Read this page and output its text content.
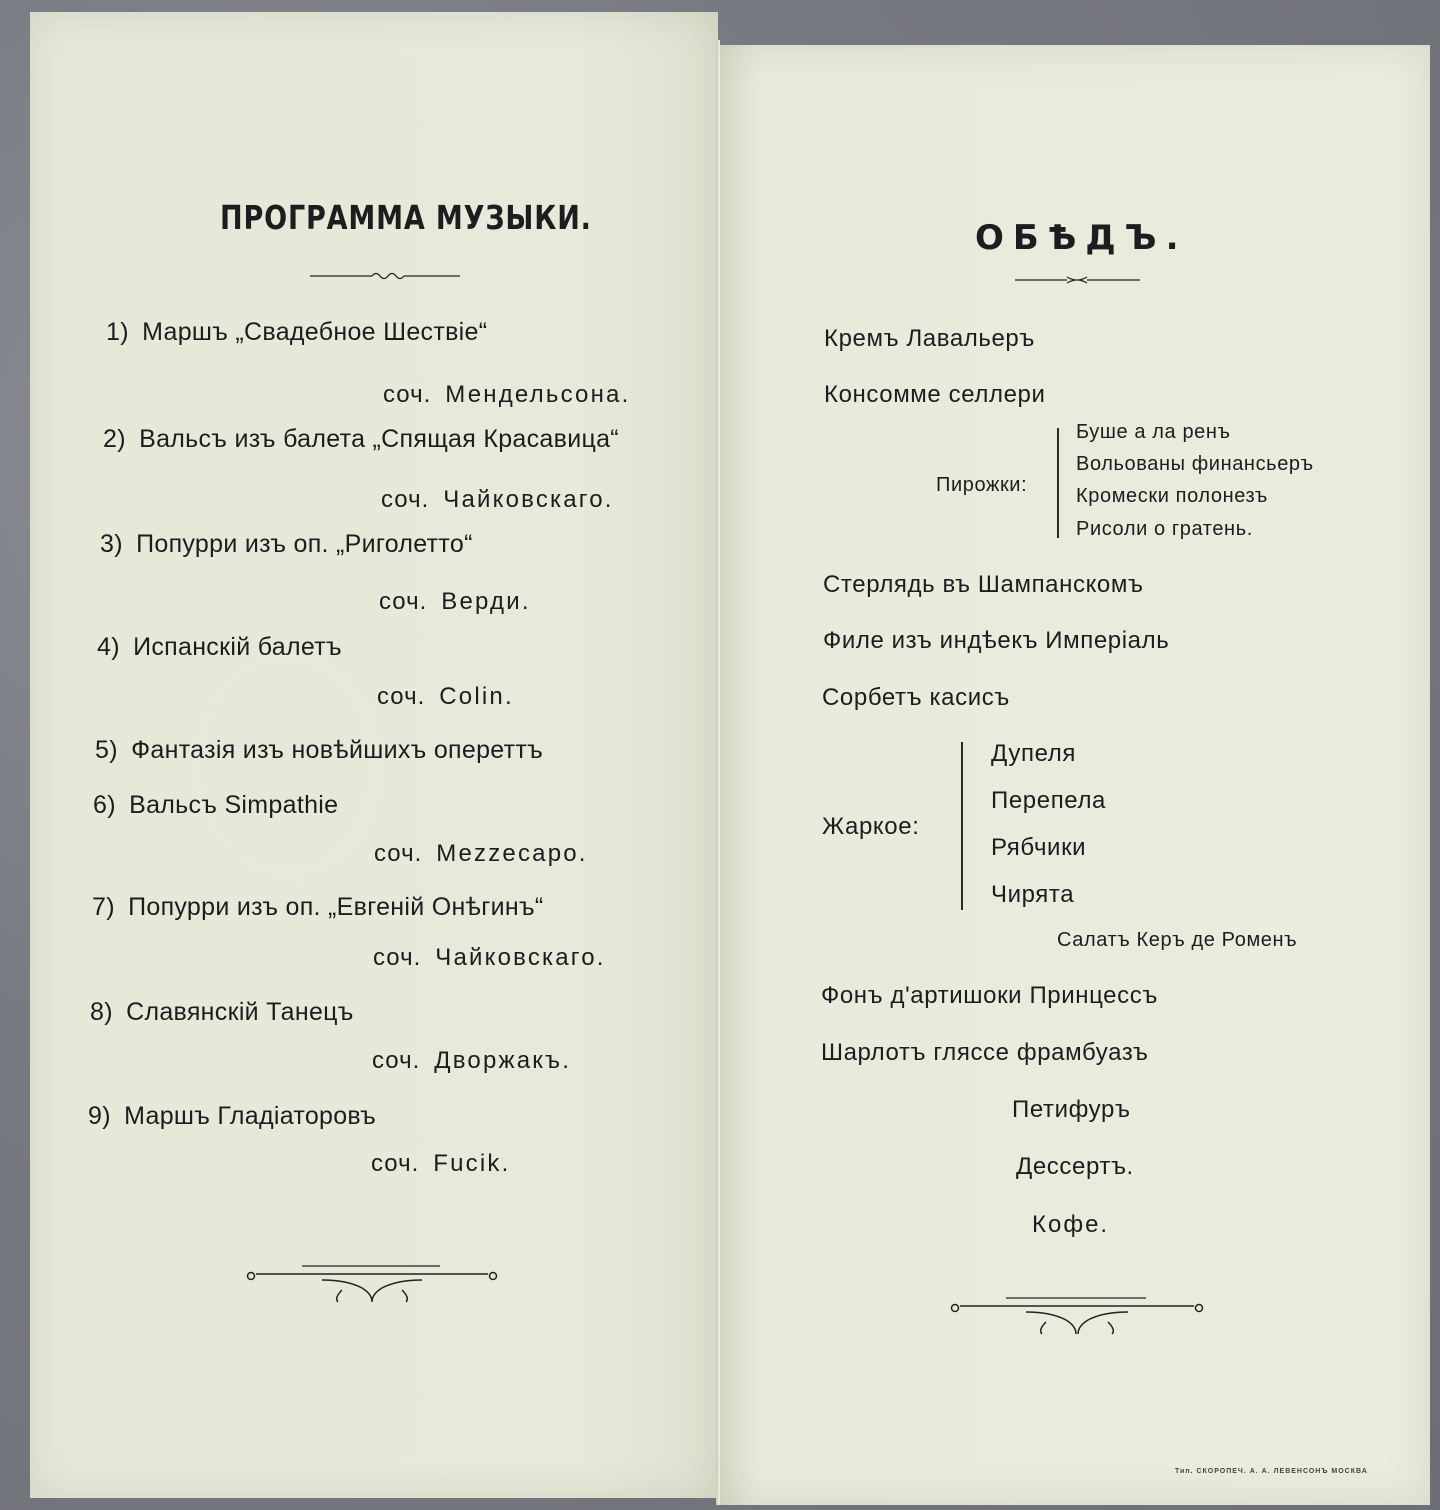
ПРОГРАММА МУЗЫКИ.
1) Маршъ „Свадебное Шествіе“
соч. Мендельсона.
2) Вальсъ изъ балета „Спящая Красавица“
соч. Чайковскаго.
3) Попурри изъ оп. „Риголетто“
соч. Верди.
4) Испанскій балетъ
соч. Colin.
5) Фантазія изъ новѣйшихъ опереттъ
6) Вальсъ Simpathie
соч. Mezzecapo.
7) Попурри изъ оп. „Евгеній Онѣгинъ“
соч. Чайковскаго.
8) Славянскій Танецъ
соч. Дворжакъ.
9) Маршъ Гладіаторовъ
соч. Fucik.
ОБѢДЪ.
Кремъ Лавальеръ
Консомме селлери
Пирожки:
Буше а ла ренъ
Вольованы финансьеръ
Кромески полонезъ
Рисоли о гратень.
Стерлядь въ Шампанскомъ
Филе изъ индѣекъ Импеpіаль
Сорбетъ касисъ
Жаркое:
Дупеля
Перепела
Рябчики
Чирята
Салатъ Керъ де Роменъ
Фонъ д'артишоки Принцессъ
Шарлотъ гляссе фрамбуазъ
Петифуръ
Дессертъ.
Кофе.
Тип. СКОРОПЕЧ. А. А. ЛЕВЕНСОНЪ МОСКВА
